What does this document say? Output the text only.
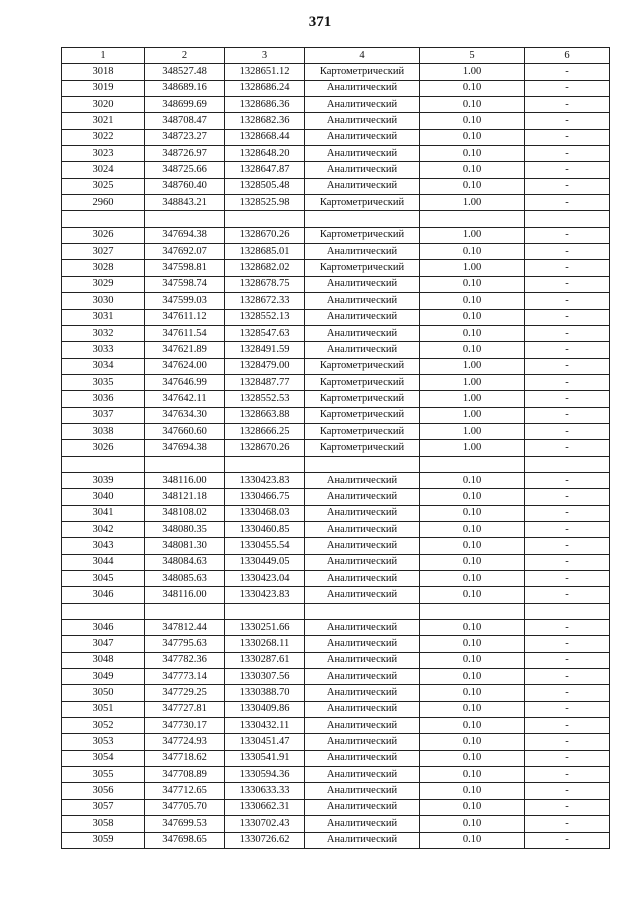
371
1	2	3	4	5	6
3018	348527.48	1328651.12	Картометрический	1.00	-
3019	348689.16	1328686.24	Аналитический	0.10	-
3020	348699.69	1328686.36	Аналитический	0.10	-
3021	348708.47	1328682.36	Аналитический	0.10	-
3022	348723.27	1328668.44	Аналитический	0.10	-
3023	348726.97	1328648.20	Аналитический	0.10	-
3024	348725.66	1328647.87	Аналитический	0.10	-
3025	348760.40	1328505.48	Аналитический	0.10	-
2960	348843.21	1328525.98	Картометрический	1.00	-

3026	347694.38	1328670.26	Картометрический	1.00	-
3027	347692.07	1328685.01	Аналитический	0.10	-
3028	347598.81	1328682.02	Картометрический	1.00	-
3029	347598.74	1328678.75	Аналитический	0.10	-
3030	347599.03	1328672.33	Аналитический	0.10	-
3031	347611.12	1328552.13	Аналитический	0.10	-
3032	347611.54	1328547.63	Аналитический	0.10	-
3033	347621.89	1328491.59	Аналитический	0.10	-
3034	347624.00	1328479.00	Картометрический	1.00	-
3035	347646.99	1328487.77	Картометрический	1.00	-
3036	347642.11	1328552.53	Картометрический	1.00	-
3037	347634.30	1328663.88	Картометрический	1.00	-
3038	347660.60	1328666.25	Картометрический	1.00	-
3026	347694.38	1328670.26	Картометрический	1.00	-

3039	348116.00	1330423.83	Аналитический	0.10	-
3040	348121.18	1330466.75	Аналитический	0.10	-
3041	348108.02	1330468.03	Аналитический	0.10	-
3042	348080.35	1330460.85	Аналитический	0.10	-
3043	348081.30	1330455.54	Аналитический	0.10	-
3044	348084.63	1330449.05	Аналитический	0.10	-
3045	348085.63	1330423.04	Аналитический	0.10	-
3046	348116.00	1330423.83	Аналитический	0.10	-

3046	347812.44	1330251.66	Аналитический	0.10	-
3047	347795.63	1330268.11	Аналитический	0.10	-
3048	347782.36	1330287.61	Аналитический	0.10	-
3049	347773.14	1330307.56	Аналитический	0.10	-
3050	347729.25	1330388.70	Аналитический	0.10	-
3051	347727.81	1330409.86	Аналитический	0.10	-
3052	347730.17	1330432.11	Аналитический	0.10	-
3053	347724.93	1330451.47	Аналитический	0.10	-
3054	347718.62	1330541.91	Аналитический	0.10	-
3055	347708.89	1330594.36	Аналитический	0.10	-
3056	347712.65	1330633.33	Аналитический	0.10	-
3057	347705.70	1330662.31	Аналитический	0.10	-
3058	347699.53	1330702.43	Аналитический	0.10	-
3059	347698.65	1330726.62	Аналитический	0.10	-
